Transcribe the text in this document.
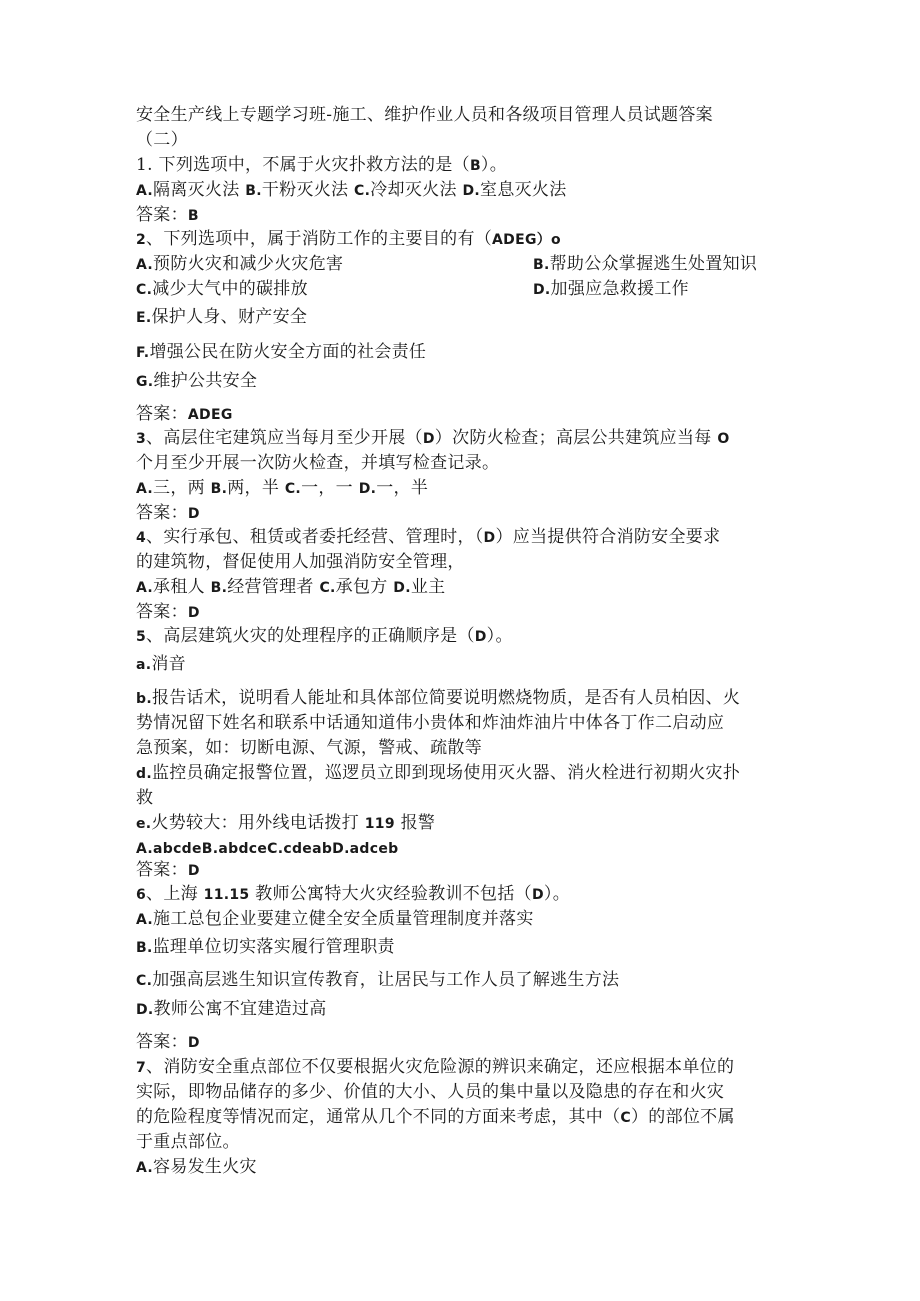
安全生产线上专题学习班-施工、维护作业人员和各级项目管理人员试题答案
（二）
1. 下列选项中，不属于火灾扑救方法的是（B）。
A.隔离灭火法 B.干粉灭火法 C.冷却灭火法 D.室息灭火法
答案：B
2、下列选项中，属于消防工作的主要目的有（ADEG）o
A.预防火灾和减少火灾危害	B.帮助公众掌握逃生处置知识
C.减少大气中的碳排放	D.加强应急救援工作
E.保护人身、财产安全
F.增强公民在防火安全方面的社会责任
G.维护公共安全
答案：ADEG
3、高层住宅建筑应当每月至少开展（D）次防火检查；高层公共建筑应当每 O
个月至少开展一次防火检查，并填写检查记录。
A.三，两 B.两，半 C.一，一 D.一，半
答案：D
4、实行承包、租赁或者委托经营、管理时，（D）应当提供符合消防安全要求
的建筑物，督促使用人加强消防安全管理，
A.承租人 B.经营管理者 C.承包方 D.业主
答案：D
5、高层建筑火灾的处理程序的正确顺序是（D）。
a.消音
b.报告话术，说明看人能址和具体部位简要说明燃烧物质，是否有人员柏因、火
势情况留下姓名和联系中话通知道伟小贵体和炸油炸油片中体各丁作二启动应
急预案，如：切断电源、气源，警戒、疏散等
d.监控员确定报警位置，巡逻员立即到现场使用灭火器、消火栓进行初期火灾扑
救
e.火势较大：用外线电话拨打 119 报警
A.abcdeB.abdceC.cdeabD.adceb
答案：D
6、上海 11.15 教师公寓特大火灾经验教训不包括（D）。
A.施工总包企业要建立健全安全质量管理制度并落实
B.监理单位切实落实履行管理职责
C.加强高层逃生知识宣传教育，让居民与工作人员了解逃生方法
D.教师公寓不宜建造过高
答案：D
7、消防安全重点部位不仅要根据火灾危险源的辨识来确定，还应根据本单位的
实际，即物品储存的多少、价值的大小、人员的集中量以及隐患的存在和火灾
的危险程度等情况而定，通常从几个不同的方面来考虑，其中（C）的部位不属
于重点部位。
A.容易发生火灾
